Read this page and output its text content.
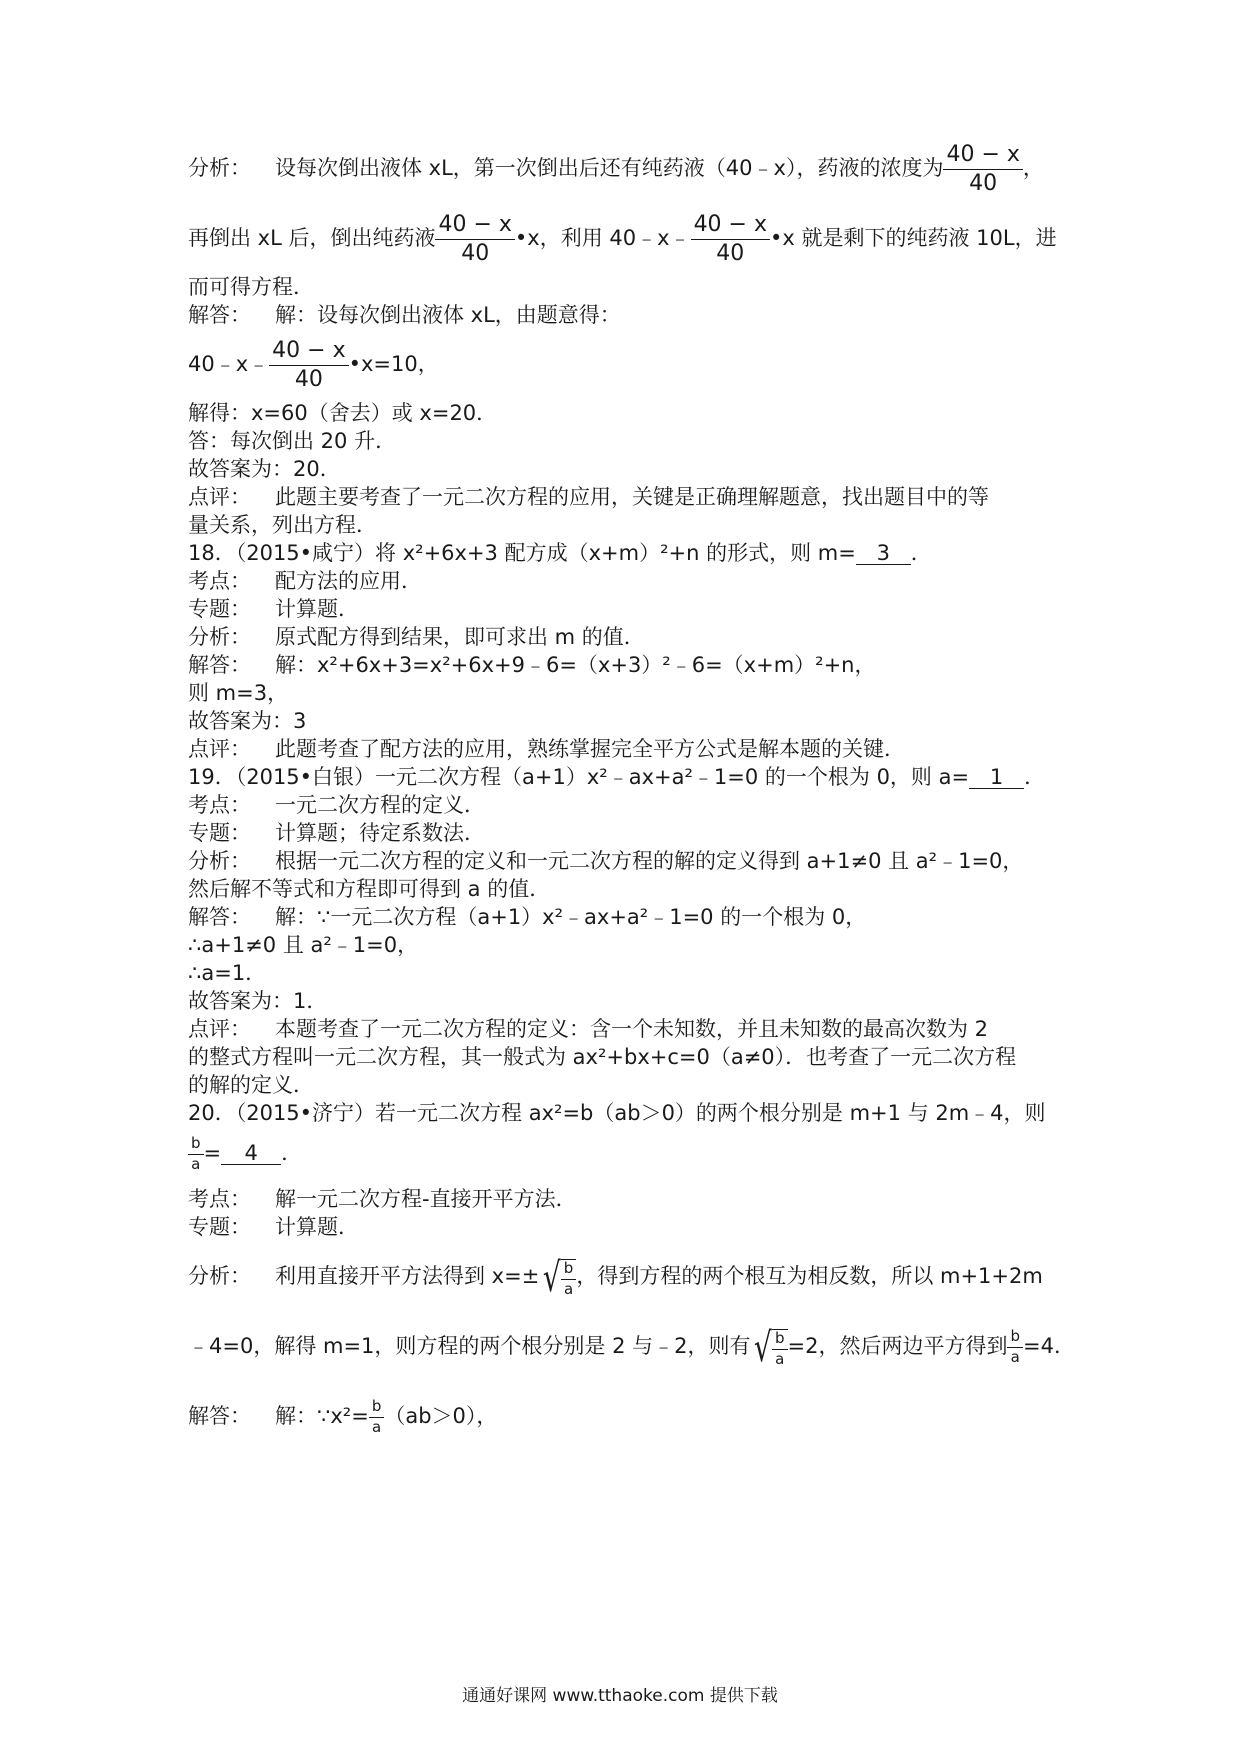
分析： 设每次倒出液体 xL，第一次倒出后还有纯药液（40﹣x），药液的浓度为 $\frac{40 - x}{40}$ ，
再倒出 xL 后，倒出纯药液 $\frac{40 - x}{40}$ •x，利用 40﹣x﹣ $\frac{40 - x}{40}$ •x 就是剩下的纯药液 10L，进
而可得方程．
解答： 解：设每次倒出液体 xL，由题意得：
40﹣x﹣ $\frac{40 - x}{40}$ •x=10，
解得：x=60（舍去）或 x=20．
答：每次倒出 20 升．
故答案为：20．
点评： 此题主要考查了一元二次方程的应用，关键是正确理解题意，找出题目中的等
量关系，列出方程．
18．（2015•咸宁）将 x²+6x+3 配方成（x+m）²+n 的形式，则 m= 3 ．
考点： 配方法的应用．
专题： 计算题．
分析： 原式配方得到结果，即可求出 m 的值．
解答： 解：x²+6x+3=x²+6x+9﹣6=（x+3）²﹣6=（x+m）²+n，
则 m=3，
故答案为：3
点评： 此题考查了配方法的应用，熟练掌握完全平方公式是解本题的关键．
19．（2015•白银）一元二次方程（a+1）x²﹣ax+a²﹣1=0 的一个根为 0，则 a= 1 ．
考点： 一元二次方程的定义．
专题： 计算题；待定系数法．
分析： 根据一元二次方程的定义和一元二次方程的解的定义得到 a+1≠0 且 a²﹣1=0，
然后解不等式和方程即可得到 a 的值．
解答： 解：∵一元二次方程（a+1）x²﹣ax+a²﹣1=0 的一个根为 0，
∴a+1≠0 且 a²﹣1=0，
∴a=1．
故答案为：1．
点评： 本题考查了一元二次方程的定义：含一个未知数，并且未知数的最高次数为 2
的整式方程叫一元二次方程，其一般式为 ax²+bx+c=0（a≠0）．也考查了一元二次方程
的解的定义．
20．（2015•济宁）若一元二次方程 ax²=b（ab＞0）的两个根分别是 m+1 与 2m﹣4，则
$\frac{b}{a} = 4$ ．
考点： 解一元二次方程-直接开平方法．
专题： 计算题．
分析： 利用直接开平方法得到 $x=\pm√ \frac{b}{a}$ ，得到方程的两个根互为相反数，所以 m+1+2m
﹣4=0，解得 m=1，则方程的两个根分别是 2 与﹣2，则有√ $\frac{b}{a} =2$，然后两边平方得到 $\frac{b}{a} =4$．
解答： 解：∵x²= $\frac{b}{a} (ab>0)$，
通通好课网 www.tthaoke.com 提供下载
